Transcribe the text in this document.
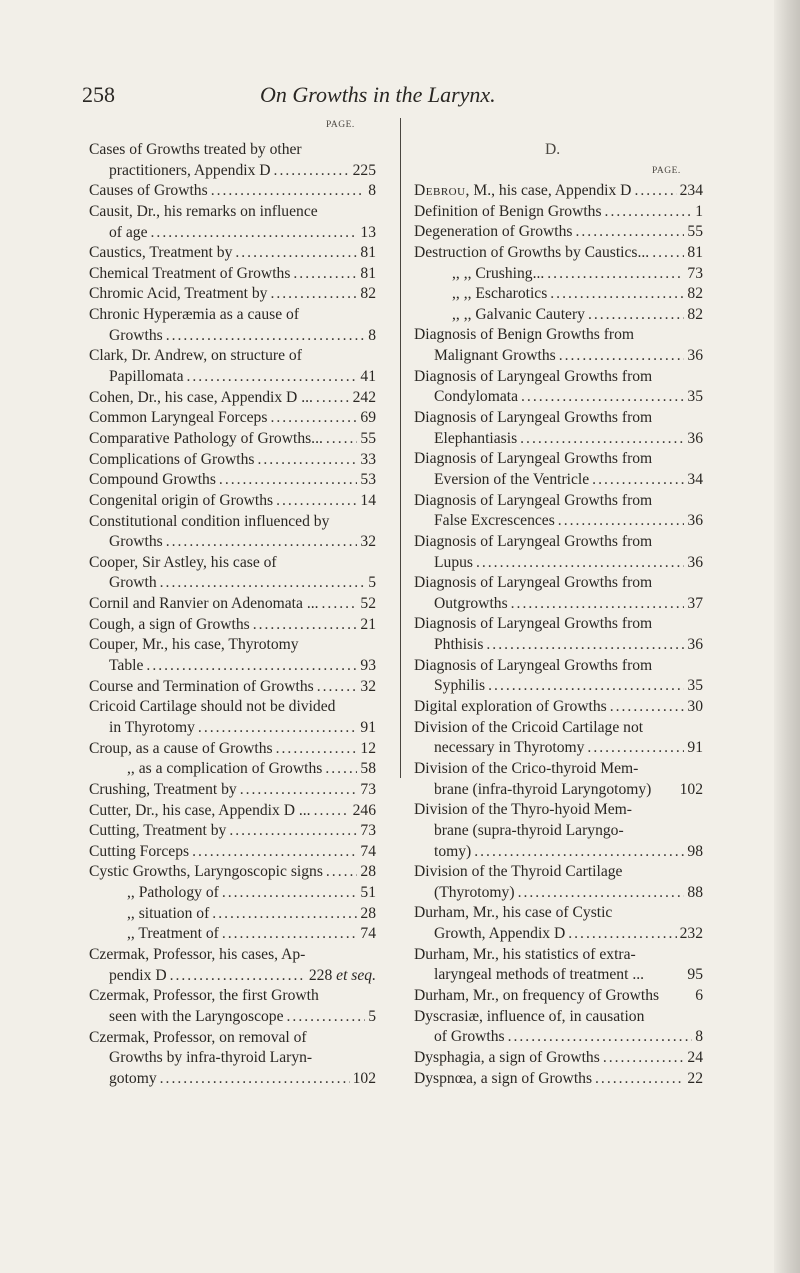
258	On Growths in the Larynx.
PAGE.
D.
PAGE.
Cases of Growths treated by other
practitioners, Appendix D .....	225
Causes of Growths .....	8
Causit, Dr., his remarks on influence
of age .....	13
Caustics, Treatment by .....	81
Chemical Treatment of Growths .....	81
Chromic Acid, Treatment by .....	82
Chronic Hyperæmia as a cause of
Growths .....	8
Clark, Dr. Andrew, on structure of
Papillomata .....	41
Cohen, Dr., his case, Appendix D ... .....	242
Common Laryngeal Forceps .....	69
Comparative Pathology of Growths... ..... 55
Complications of Growths .....	33
Compound Growths .....	53
Congenital origin of Growths .....	14
Constitutional condition influenced by
Growths .....	32
Cooper, Sir Astley, his case of
Growth .....	5
Cornil and Ranvier on Adenomata ... .....	52
Cough, a sign of Growths .....	21
Couper, Mr., his case, Thyrotomy
Table .....	93
Course and Termination of Growths .....	32
Cricoid Cartilage should not be divided
in Thyrotomy .....	91
Croup, as a cause of Growths .....	12
,, as a complication of Growths ..... 58
Crushing, Treatment by .....	73
Cutter, Dr., his case, Appendix D ... .....	246
Cutting, Treatment by .....	73
Cutting Forceps .....	74
Cystic Growths, Laryngoscopic signs ..... 28
,, Pathology of .....	51
,, situation of .....	28
,, Treatment of .....	74
Czermak, Professor, his cases, Ap-
pendix D .....	228 et seq.
Czermak, Professor, the first Growth
seen with the Laryngoscope .....	5
Czermak, Professor, on removal of
Growths by infra-thyroid Laryn-
gotomy .....	102
Debrou, M., his case, Appendix D .....	234
Definition of Benign Growths .....	1
Degeneration of Growths .....	55
Destruction of Growths by Caustics... ..... 81
,, ,, Crushing... .....	73
,, ,, Escharotics .....	82
,, ,, Galvanic Cautery .....	82
Diagnosis of Benign Growths from
Malignant Growths .....	36
Diagnosis of Laryngeal Growths from
Condylomata .....	35
Diagnosis of Laryngeal Growths from
Elephantiasis .....	36
Diagnosis of Laryngeal Growths from
Eversion of the Ventricle .....	34
Diagnosis of Laryngeal Growths from
False Excrescences .....	36
Diagnosis of Laryngeal Growths from
Lupus .....	36
Diagnosis of Laryngeal Growths from
Outgrowths .....	37
Diagnosis of Laryngeal Growths from
Phthisis .....	36
Diagnosis of Laryngeal Growths from
Syphilis .....	35
Digital exploration of Growths .....	30
Division of the Cricoid Cartilage not
necessary in Thyrotomy .....	91
Division of the Crico-thyroid Mem-
brane (infra-thyroid Laryngotomy) 102
Division of the Thyro-hyoid Mem-
brane (supra-thyroid Laryngo-
tomy) .....	98
Division of the Thyroid Cartilage
(Thyrotomy) .....	88
Durham, Mr., his case of Cystic
Growth, Appendix D .....	232
Durham, Mr., his statistics of extra-
laryngeal methods of treatment ...	95
Durham, Mr., on frequency of Growths 6
Dyscrasiæ, influence of, in causation
of Growths .....	8
Dysphagia, a sign of Growths .....	24
Dyspnœa, a sign of Growths .....	22
